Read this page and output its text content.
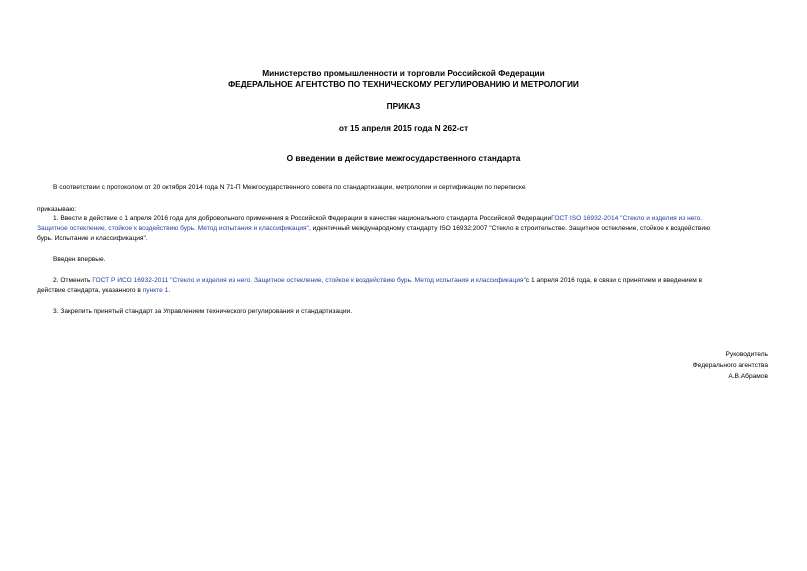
Министерство промышленности и торговли Российской Федерации
ФЕДЕРАЛЬНОЕ АГЕНТСТВО ПО ТЕХНИЧЕСКОМУ РЕГУЛИРОВАНИЮ И МЕТРОЛОГИИ
ПРИКАЗ
от 15 апреля 2015 года N 262-ст
О введении в действие межгосударственного стандарта
В соответствии с протоколом от 20 октября 2014 года N 71-П Межгосударственного совета по стандартизации, метрологии и сертификации по переписке
приказываю:
1. Ввести в действие с 1 апреля 2016 года для добровольного применения в Российской Федерации в качестве национального стандарта Российской ФедерацииГОСТ ISO 16932-2014 "Стекло и изделия из него.
Защитное остекление, стойкое к воздействию бурь. Метод испытания и классификация", идентичный международному стандарту ISO 16932:2007 "Стекло в строительстве. Защитное остекление, стойкое к воздействию
бурь. Испытание и классификация".
Введен впервые.
2. Отменить ГОСТ Р ИСО 16932-2011 "Стекло и изделия из него. Защитное остекление, стойкое к воздействию бурь. Метод испытания и классификация"с 1 апреля 2016 года, в связи с принятием и введением в
действие стандарта, указанного в пункте 1.
3. Закрепить принятый стандарт за Управлением технического регулирования и стандартизации.
Руководитель
Федерального агентства
А.В.Абрамов
